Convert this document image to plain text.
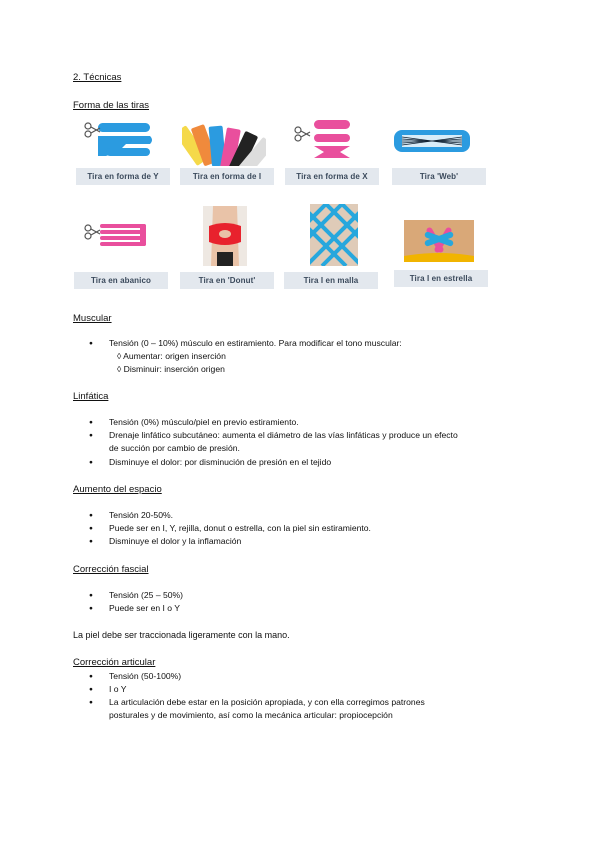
2. Técnicas
Forma de las tiras
Tira en forma de Y	Tira en forma de I	Tira en forma de X	Tira 'Web'
Tira en abanico	Tira en 'Donut'	Tira I en malla	Tira I en estrella
Muscular
● Tensión (0 – 10%) músculo en estiramiento. Para modificar el tono muscular:
◊ Aumentar: origen inserción
◊ Disminuir: inserción origen
Linfática
● Tensión (0%) músculo/piel en previo estiramiento.
● Drenaje linfático subcutáneo: aumenta el diámetro de las vías linfáticas y produce un efecto
de succión por cambio de presión.
● Disminuye el dolor: por disminución de presión en el tejido
Aumento del espacio
● Tensión 20-50%.
● Puede ser en I, Y, rejilla, donut o estrella, con la piel sin estiramiento.
● Disminuye el dolor y la inflamación
Corrección fascial
● Tensión (25 – 50%)
● Puede ser en I o Y
La piel debe ser traccionada ligeramente con la mano.
Corrección articular
● Tensión (50-100%)
● I o Y
● La articulación debe estar en la posición apropiada, y con ella corregimos patrones
posturales y de movimiento, así como la mecánica articular: propiocepción
